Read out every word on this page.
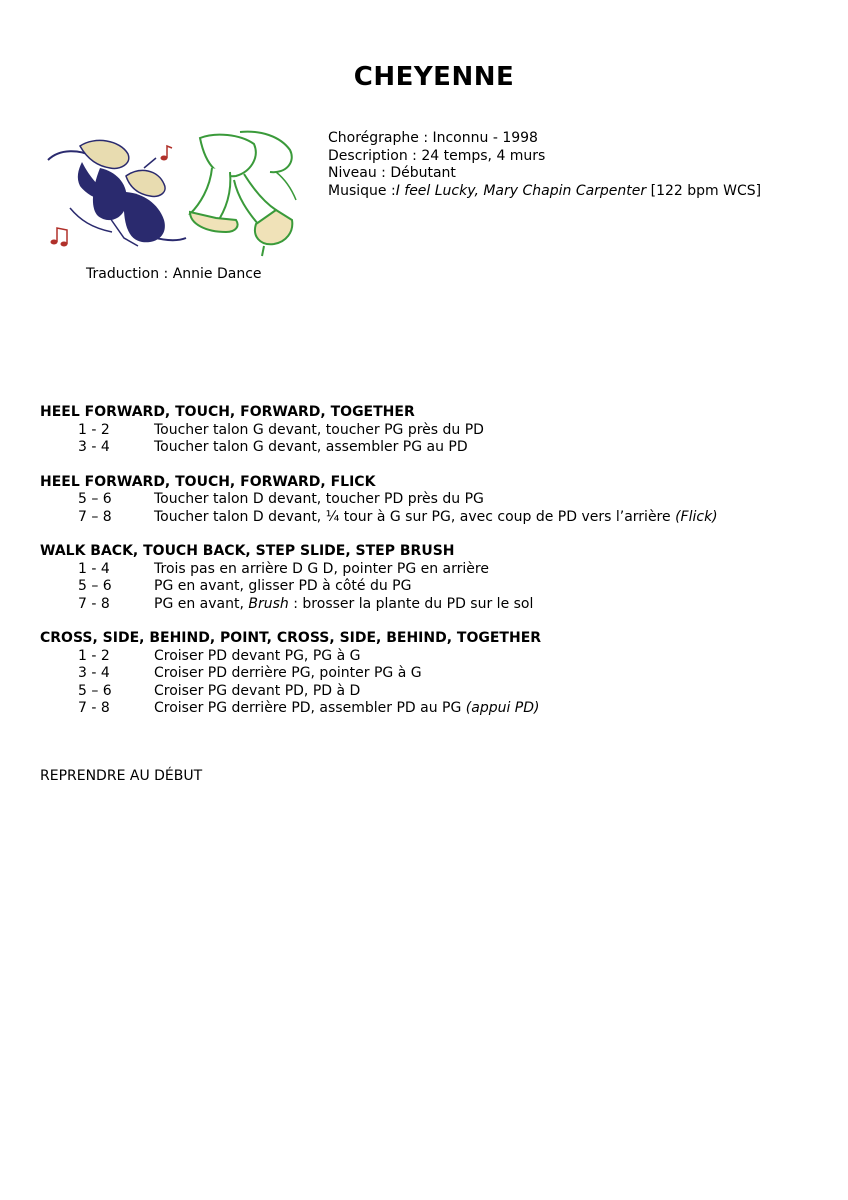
CHEYENNE
Traduction : Annie Dance
Chorégraphe : Inconnu - 1998
Description : 24 temps, 4 murs
Niveau : Débutant
Musique :I feel Lucky, Mary Chapin Carpenter [122 bpm WCS]
HEEL FORWARD, TOUCH, FORWARD, TOGETHER
1 - 2	Toucher talon G devant, toucher PG près du PD
3 - 4	Toucher talon G devant, assembler PG au PD
HEEL FORWARD, TOUCH, FORWARD, FLICK
5 – 6	Toucher talon D devant, toucher PD près du PG
7 – 8	Toucher talon D devant, ¼ tour à G sur PG, avec coup de PD vers l’arrière (Flick)
WALK BACK, TOUCH BACK, STEP SLIDE, STEP BRUSH
1 - 4	Trois pas en arrière D G D, pointer PG en arrière
5 – 6	PG en avant, glisser PD à côté du PG
7 - 8	PG en avant, Brush : brosser la plante du PD sur le sol
CROSS, SIDE, BEHIND, POINT, CROSS, SIDE, BEHIND, TOGETHER
1 - 2	Croiser PD devant PG, PG à G
3 - 4	Croiser PD derrière PG, pointer PG à G
5 – 6	Croiser PG devant PD, PD à D
7 - 8	Croiser PG derrière PD, assembler PD au PG (appui PD)
REPRENDRE AU DÉBUT
